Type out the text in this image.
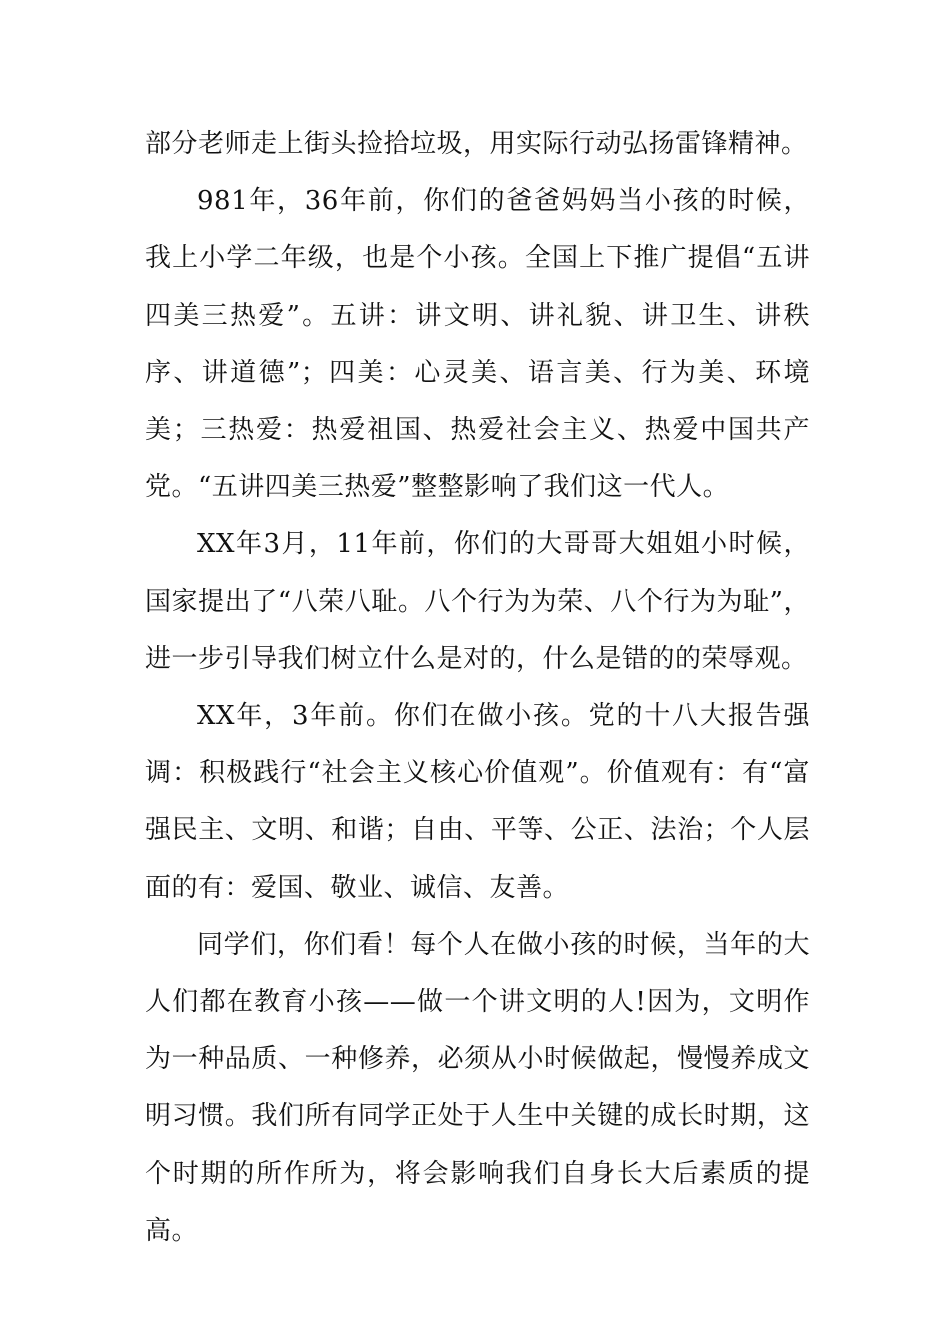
部分老师走上街头捡拾垃圾，用实际行动弘扬雷锋精神。

981年，36年前，你们的爸爸妈妈当小孩的时候，我上小学二年级，也是个小孩。全国上下推广提倡“五讲四美三热爱”。五讲：讲文明、讲礼貌、讲卫生、讲秩序、讲道德”；四美：心灵美、语言美、行为美、环境美；三热爱：热爱祖国、热爱社会主义、热爱中国共产党。“五讲四美三热爱”整整影响了我们这一代人。

XX年3月，11年前，你们的大哥哥大姐姐小时候，国家提出了“八荣八耻。八个行为为荣、八个行为为耻”，进一步引导我们树立什么是对的，什么是错的的荣辱观。

XX年，3年前。你们在做小孩。党的十八大报告强调：积极践行“社会主义核心价值观”。价值观有：有“富强民主、文明、和谐；自由、平等、公正、法治；个人层面的有：爱国、敬业、诚信、友善。

同学们，你们看！每个人在做小孩的时候，当年的大人们都在教育小孩——做一个讲文明的人!因为，文明作为一种品质、一种修养，必须从小时候做起，慢慢养成文明习惯。我们所有同学正处于人生中关键的成长时期，这个时期的所作所为，将会影响我们自身长大后素质的提高。
